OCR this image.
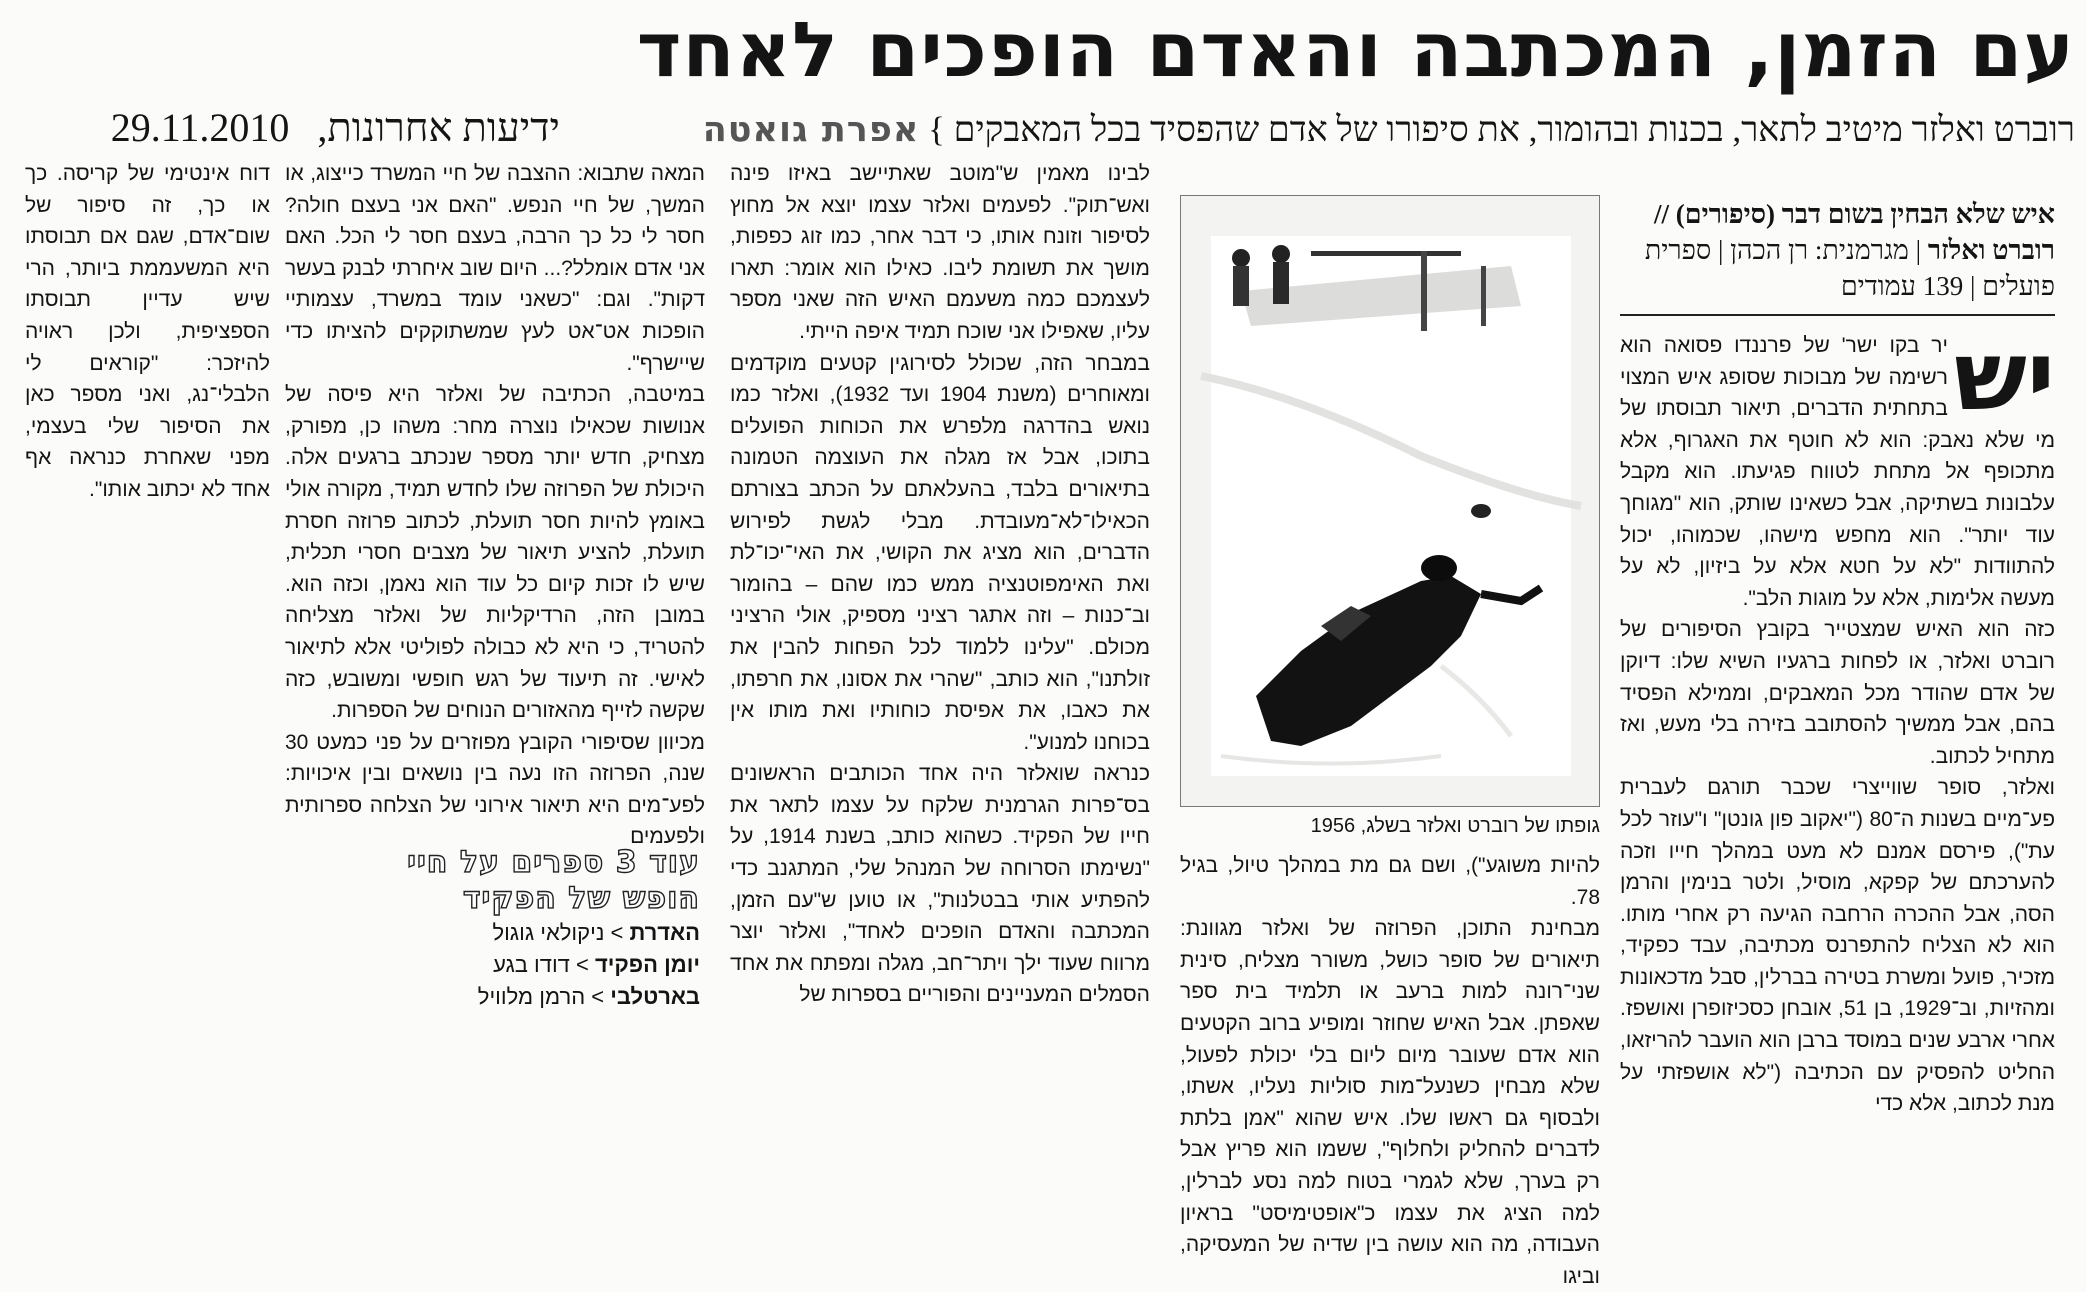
עם הזמן, המכתבה והאדם הופכים לאחד
רוברט ואלזר מיטיב לתאר, בכנות ובהומור, את סיפורו של אדם שהפסיד בכל המאבקים } אפרת גואטה
ידיעות אחרונות, 29.11.2010
איש שלא הבחין בשום דבר (סיפורים) //
רוברט ואלזר | מגרמנית: רן הכהן | ספרית
פועלים | 139 עמודים
יש

יר בקו ישר' של פרננדו פסואה הוא רשימה של מבוכות שסופג איש המצוי בתחתית הדברים, תיאור תבוסתו של מי שלא נאבק: הוא לא חוטף את האגרוף, אלא מתכופף אל מתחת לטווח פגיעתו. הוא מקבל עלבונות בשתיקה, אבל כשאינו שותק, הוא "מגוחך עוד יותר". הוא מחפש מישהו, שכמוהו, יכול להתוודות "לא על חטא אלא על ביזיון, לא על מעשה אלימות, אלא על מוגות הלב".

כזה הוא האיש שמצטייר בקובץ הסיפורים של רוברט ואלזר, או לפחות ברגעיו השיא שלו: דיוקן של אדם שהודר מכל המאבקים, וממילא הפסיד בהם, אבל ממשיך להסתובב בזירה בלי מעש, ואז מתחיל לכתוב.

ואלזר, סופר שווייצרי שכבר תורגם לעברית פע־מיים בשנות ה־80 ("יאקוב פון גונטן" ו"עוזר לכל עת"), פירסם אמנם לא מעט במהלך חייו וזכה להערכתם של קפקא, מוסיל, ולטר בנימין והרמן הסה, אבל ההכרה הרחבה הגיעה רק אחרי מותו. הוא לא הצליח להתפרנס מכתיבה, עבד כפקיד, מזכיר, פועל ומשרת בטירה בברלין, סבל מדכאונות ומהזיות, וב־1929, בן 51, אובחן כסכיזופרן ואושפז. אחרי ארבע שנים במוסד ברבן הוא הועבר להריזאו, החליט להפסיק עם הכתיבה ("לא אושפזתי על מנת לכתוב, אלא כדי

גופתו של רוברט ואלזר בשלג, 1956

להיות משוגע"), ושם גם מת במהלך טיול, בגיל 78.

מבחינת התוכן, הפרוזה של ואלזר מגוונת: תיאורים של סופר כושל, משורר מצליח, סינית שני־רונה למות ברעב או תלמיד בית ספר שאפתן. אבל האיש שחוזר ומופיע ברוב הקטעים הוא אדם שעובר מיום ליום בלי יכולת לפעול, שלא מבחין כשנעל־מות סוליות נעליו, אשתו, ולבסוף גם ראשו שלו. איש שהוא "אמן בלתת לדברים להחליק ולחלוף", ששמו הוא פריץ אבל רק בערך, שלא לגמרי בטוח למה נסע לברלין, למה הציג את עצמו כ"אופטימיסט" בראיון העבודה, מה הוא עושה בין שדיה של המעסיקה, וביגו

לבינו מאמין ש"מוטב שאתיישב באיזו פינה ואש־תוק". לפעמים ואלזר עצמו יוצא אל מחוץ לסיפור וזונח אותו, כי דבר אחר, כמו זוג כפפות, מושך את תשומת ליבו. כאילו הוא אומר: תארו לעצמכם כמה משעמם האיש הזה שאני מספר עליו, שאפילו אני שוכח תמיד איפה הייתי.

במבחר הזה, שכולל לסירוגין קטעים מוקדמים ומאוחרים (משנת 1904 ועד 1932), ואלזר כמו נואש בהדרגה מלפרש את הכוחות הפועלים בתוכו, אבל אז מגלה את העוצמה הטמונה בתיאורים בלבד, בהעלאתם על הכתב בצורתם הכאילו־לא־מעובדת. מבלי לגשת לפירוש הדברים, הוא מציג את הקושי, את האי־יכו־לת ואת האימפוטנציה ממש כמו שהם – בהומור וב־כנות – וזה אתגר רציני מספיק, אולי הרציני מכולם. "עלינו ללמוד לכל הפחות להבין את זולתנו", הוא כותב, "שהרי את אסונו, את חרפתו, את כאבו, את אפיסת כוחותיו ואת מותו אין בכוחנו למנוע".

כנראה שואלזר היה אחד הכותבים הראשונים בס־פרות הגרמנית שלקח על עצמו לתאר את חייו של הפקיד. כשהוא כותב, בשנת 1914, על "נשימתו הסרוחה של המנהל שלי, המתגנב כדי להפתיע אותי בבטלנות", או טוען ש"עם הזמן, המכתבה והאדם הופכים לאחד", ואלזר יוצר מרווח שעוד ילך ויתר־חב, מגלה ומפתח את אחד הסמלים המעניינים והפוריים בספרות של

המאה שתבוא: ההצבה של חיי המשרד כייצוג, או המשך, של חיי הנפש. "האם אני בעצם חולה? חסר לי כל כך הרבה, בעצם חסר לי הכל. האם אני אדם אומלל?... היום שוב איחרתי לבנק בעשר דקות". וגם: "כשאני עומד במשרד, עצמותיי הופכות אט־אט לעץ שמשתוקקים להציתו כדי שיישרף".

במיטבה, הכתיבה של ואלזר היא פיסה של אנושות שכאילו נוצרה מחר: משהו כן, מפורק, מצחיק, חדש יותר מספר שנכתב ברגעים אלה. היכולת של הפרוזה שלו לחדש תמיד, מקורה אולי באומץ להיות חסר תועלת, לכתוב פרוזה חסרת תועלת, להציע תיאור של מצבים חסרי תכלית, שיש לו זכות קיום כל עוד הוא נאמן, וכזה הוא. במובן הזה, הרדיקליות של ואלזר מצליחה להטריד, כי היא לא כבולה לפוליטי אלא לתיאור לאישי. זה תיעוד של רגש חופשי ומשובש, כזה שקשה לזייף מהאזורים הנוחים של הספרות.

מכיוון שסיפורי הקובץ מפוזרים על פני כמעט 30 שנה, הפרוזה הזו נעה בין נושאים ובין איכויות: לפע־מים היא תיאור אירוני של הצלחה ספרותית ולפעמים

דוח אינטימי של קריסה. כך או כך, זה סיפור של שום־אדם, שגם אם תבוסתו היא המשעממת ביותר, הרי שיש עדיין תבוסתו הספציפית, ולכן ראויה להיזכר: "קוראים לי הלבלי־נג, ואני מספר כאן את הסיפור שלי בעצמי, מפני שאחרת כנראה אף אחד לא יכתוב אותו".

עוד 3 ספרים על חיי הופש של הפקיד
האדרת > ניקולאי גוגול
יומן הפקיד > דודו בגע
בארטלבי > הרמן מלוויל
